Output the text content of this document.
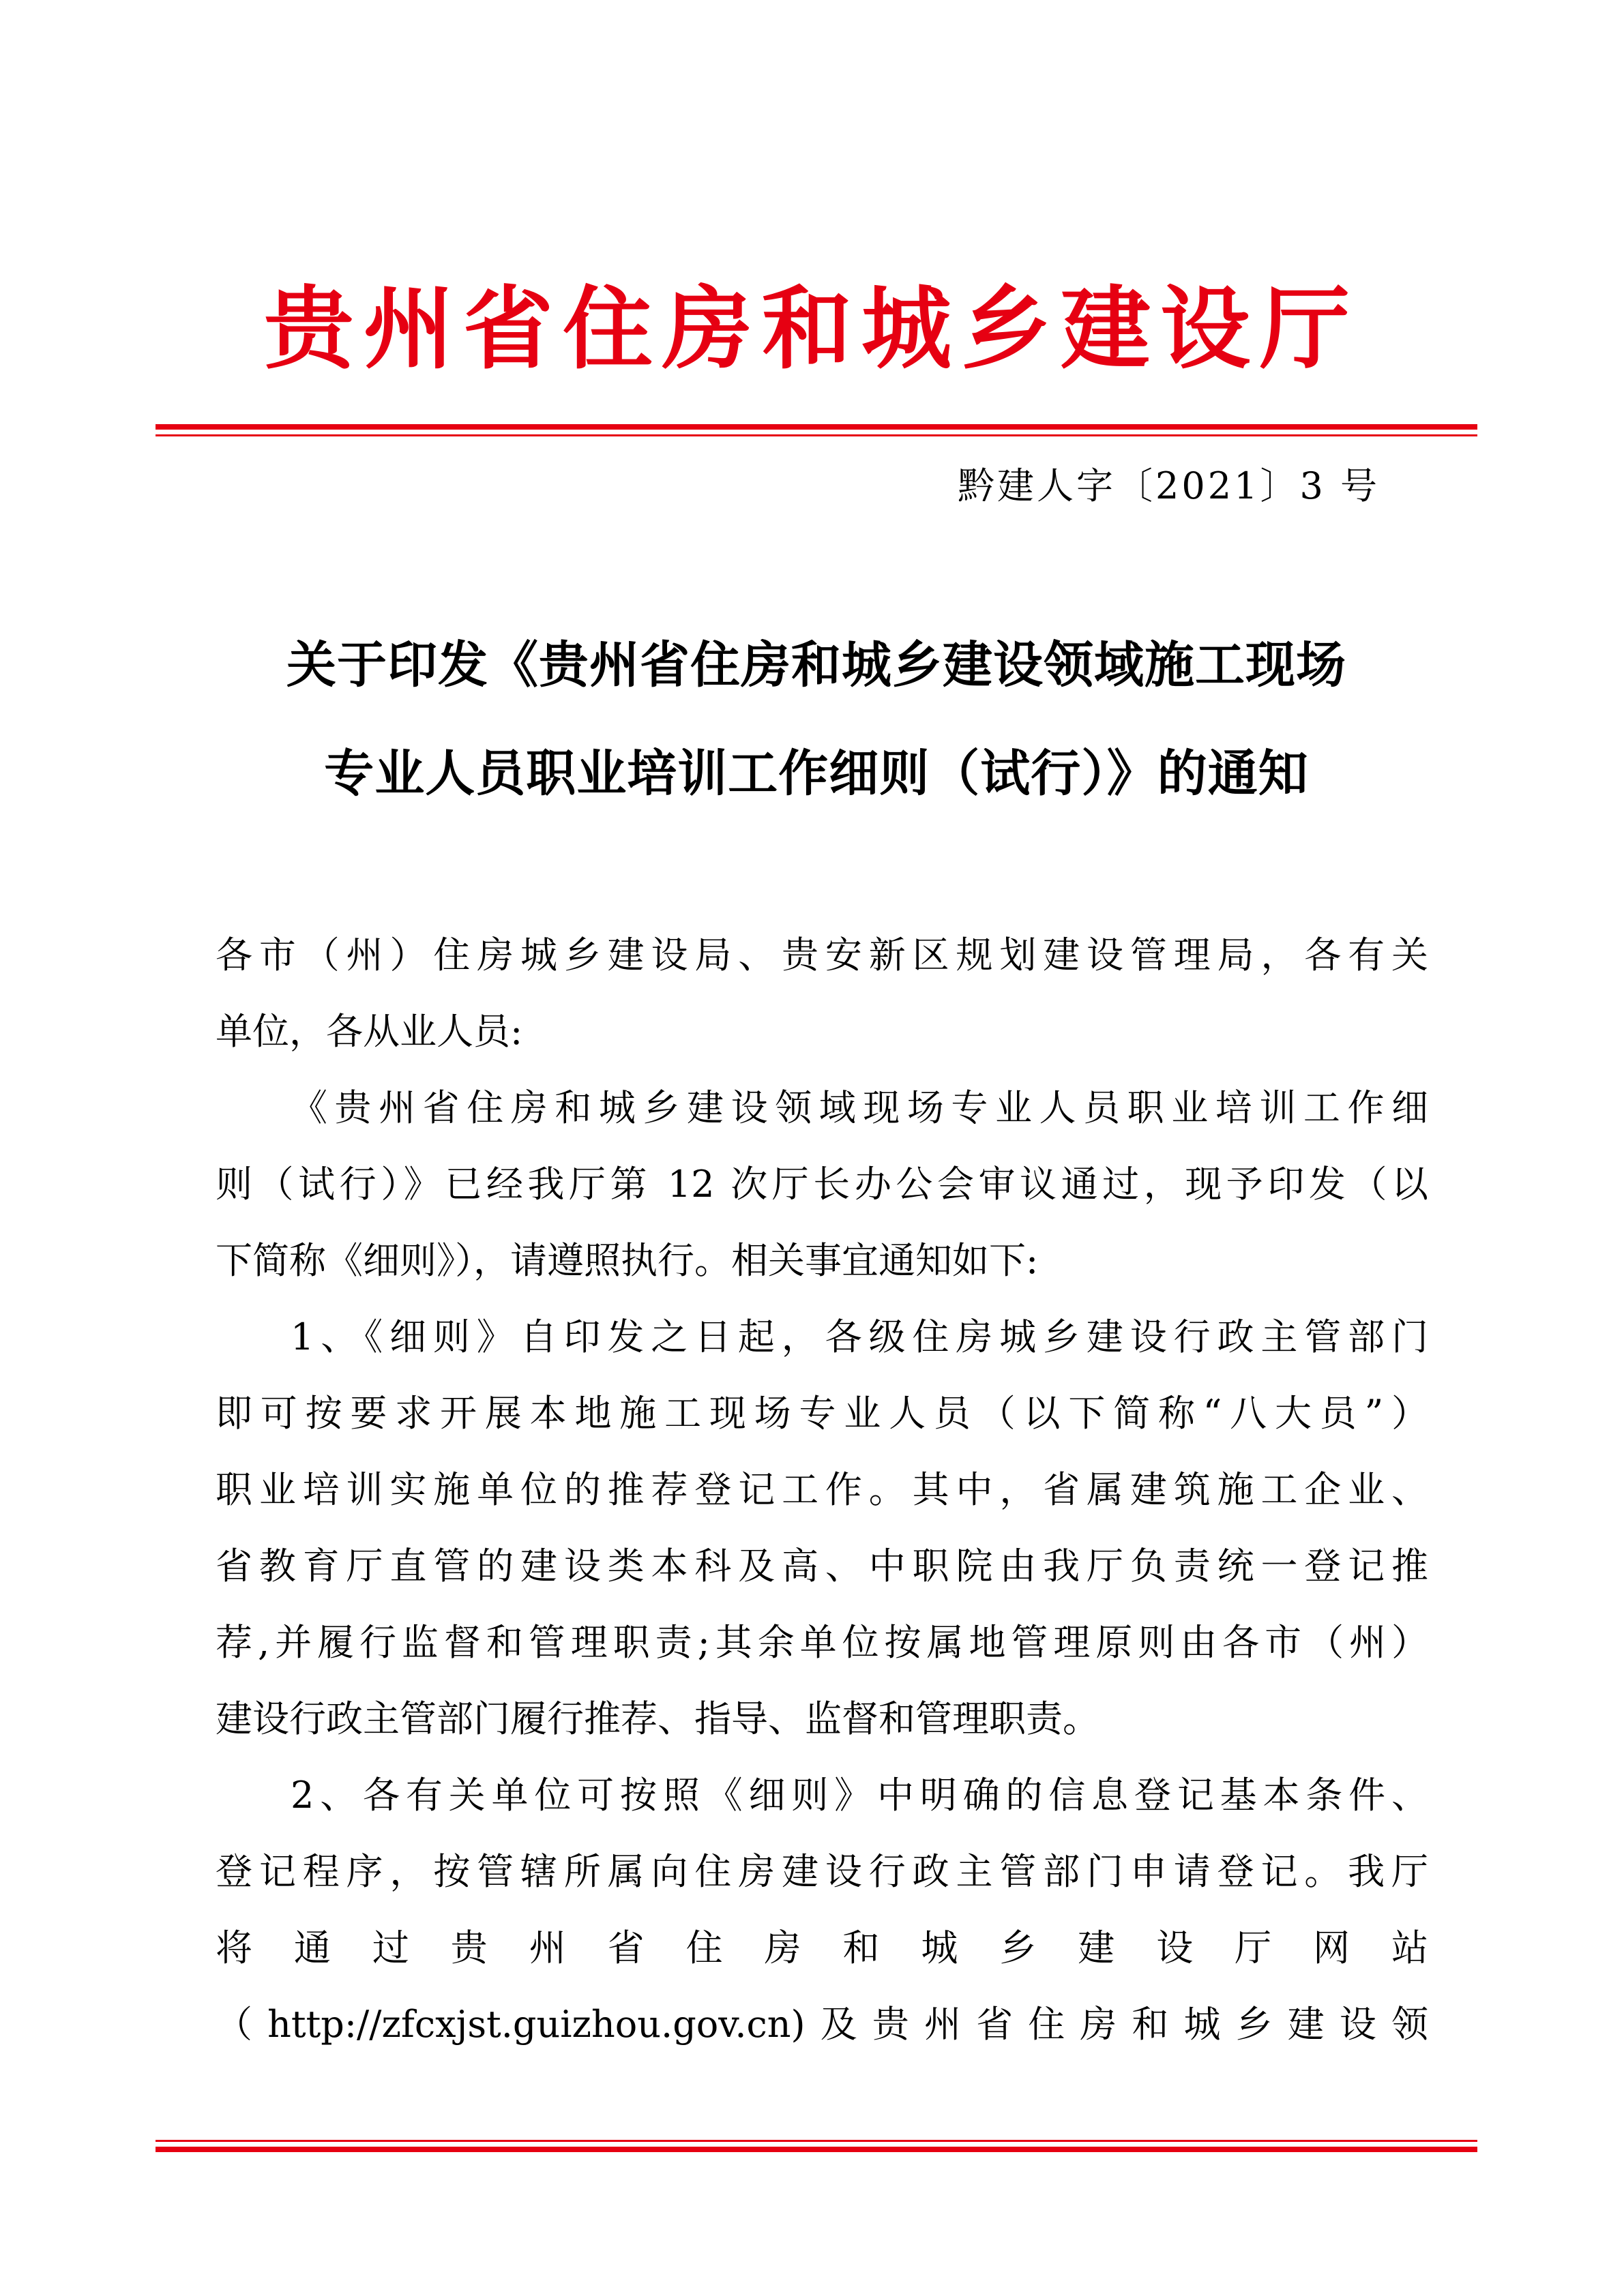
贵州省住房和城乡建设厅
黔建人字〔2021〕3 号
关于印发《贵州省住房和城乡建设领域施工现场
专业人员职业培训工作细则（试行）》的通知
各市（州）住房城乡建设局、贵安新区规划建设管理局，各有关
单位，各从业人员:
《贵州省住房和城乡建设领域现场专业人员职业培训工作细
则（试行）》已经我厅第 12 次厅长办公会审议通过，现予印发（以
下简称《细则》），请遵照执行。相关事宜通知如下:
1、《细则》自印发之日起，各级住房城乡建设行政主管部门
即可按要求开展本地施工现场专业人员（以下简称“八大员”）
职业培训实施单位的推荐登记工作。其中，省属建筑施工企业、
省教育厅直管的建设类本科及高、中职院由我厅负责统一登记推
荐,并履行监督和管理职责;其余单位按属地管理原则由各市（州）
建设行政主管部门履行推荐、指导、监督和管理职责。
2、各有关单位可按照《细则》中明确的信息登记基本条件、
登记程序，按管辖所属向住房建设行政主管部门申请登记。我厅
将通过贵州省住房和城乡建设厅网站
（http://zfcxjst.guizhou.gov.cn)及贵州省住房和城乡建设领
